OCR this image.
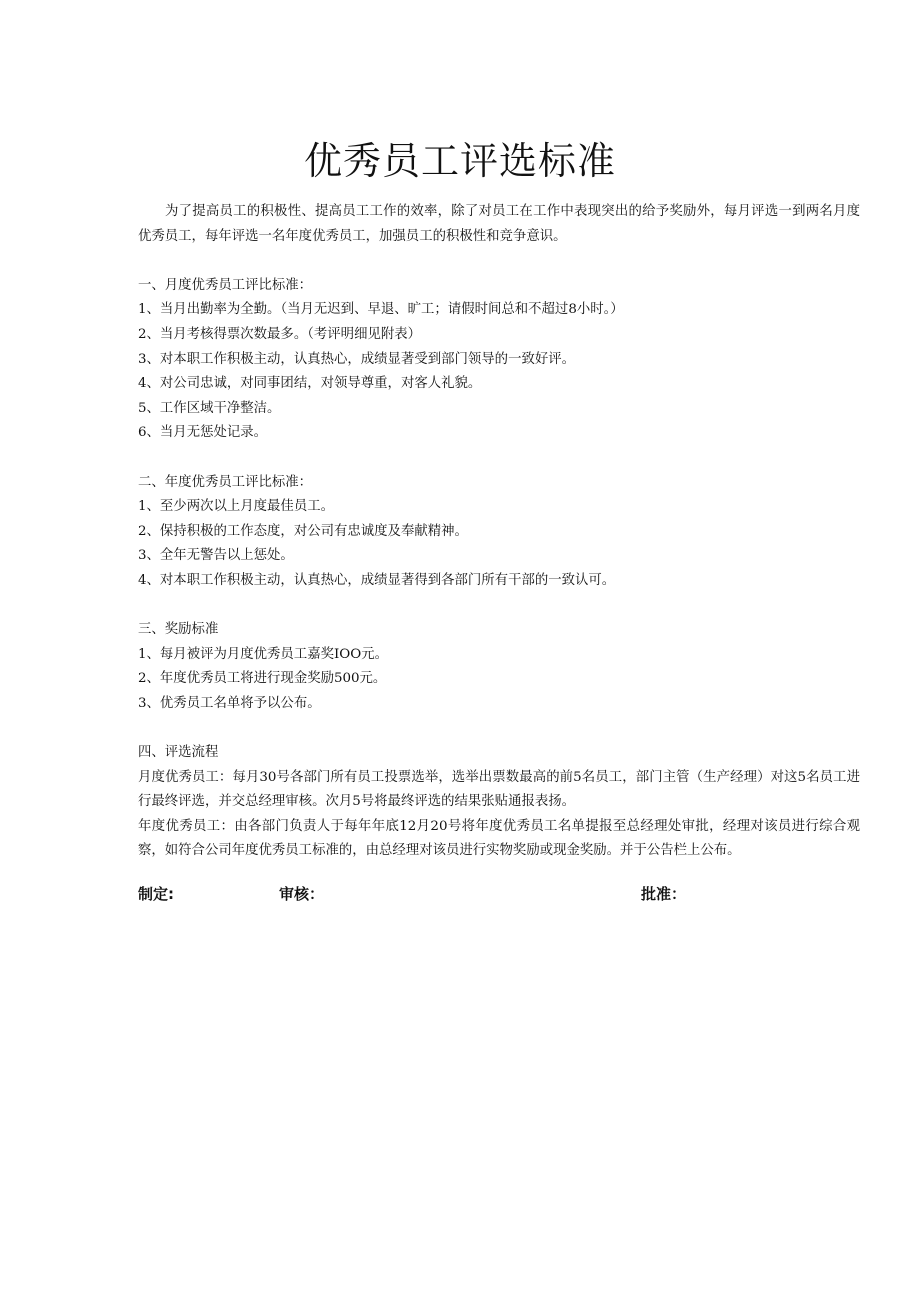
优秀员工评选标准

为了提高员工的积极性、提高员工工作的效率，除了对员工在工作中表现突出的给予奖励外，每月评选一到两名月度优秀员工，每年评选一名年度优秀员工，加强员工的积极性和竞争意识。

一、月度优秀员工评比标准：

1、当月出勤率为全勤。（当月无迟到、早退、旷工；请假时间总和不超过8小时。）

2、当月考核得票次数最多。（考评明细见附表）

3、对本职工作积极主动，认真热心，成绩显著受到部门领导的一致好评。

4、对公司忠诚，对同事团结，对领导尊重，对客人礼貌。

5、工作区域干净整洁。

6、当月无惩处记录。

二、年度优秀员工评比标准：

1、至少两次以上月度最佳员工。

2、保持积极的工作态度，对公司有忠诚度及奉献精神。

3、全年无警告以上惩处。

4、对本职工作积极主动，认真热心，成绩显著得到各部门所有干部的一致认可。

三、奖励标准

1、每月被评为月度优秀员工嘉奖IOO元。

2、年度优秀员工将进行现金奖励500元。

3、优秀员工名单将予以公布。

四、评选流程

月度优秀员工：每月30号各部门所有员工投票选举，选举出票数最高的前5名员工，部门主管（生产经理）对这5名员工进行最终评选，并交总经理审核。次月5号将最终评选的结果张贴通报表扬。

年度优秀员工：由各部门负责人于每年年底12月20号将年度优秀员工名单提报至总经理处审批，经理对该员进行综合观察，如符合公司年度优秀员工标准的，由总经理对该员进行实物奖励或现金奖励。并于公告栏上公布。

制定:	审核：	批准：
